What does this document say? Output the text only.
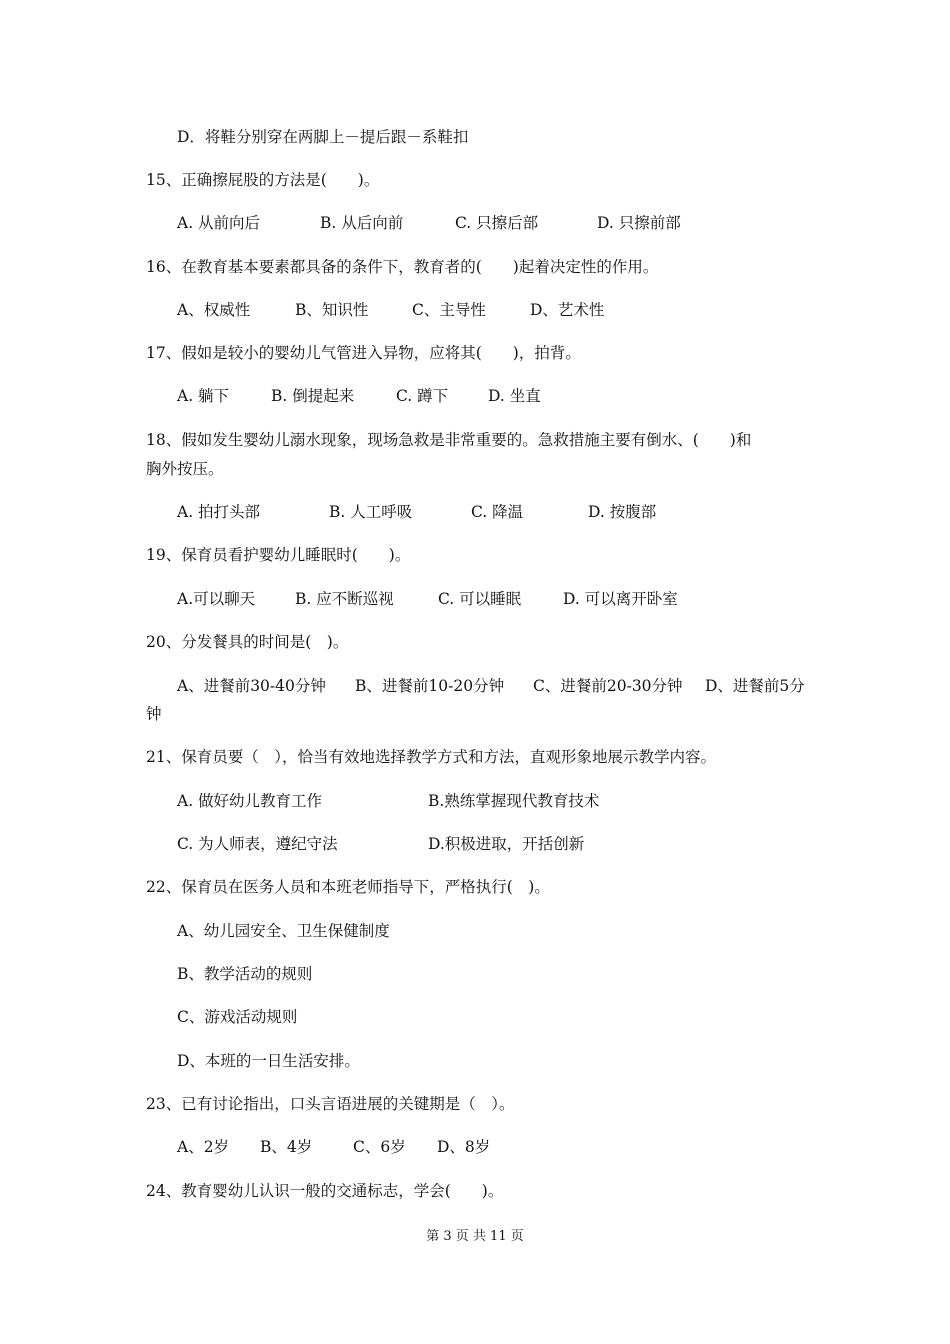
D．将鞋分别穿在两脚上－提后跟－系鞋扣
15、正确擦屁股的方法是(　　)。
A. 从前向后	B. 从后向前	C. 只擦后部	D. 只擦前部
16、在教育基本要素都具备的条件下，教育者的(　　)起着决定性的作用。
A、权威性	B、知识性	C、主导性	D、艺术性
17、假如是较小的婴幼儿气管进入异物，应将其(　　)，拍背。
A. 躺下	B. 倒提起来	C. 蹲下	D. 坐直
18、假如发生婴幼儿溺水现象，现场急救是非常重要的。急救措施主要有倒水、(　　)和
胸外按压。
A. 拍打头部	B. 人工呼吸	C. 降温	D. 按腹部
19、保育员看护婴幼儿睡眠时(　　)。
A.可以聊天	B. 应不断巡视	C. 可以睡眠	D. 可以离开卧室
20、分发餐具的时间是(　)。
A、进餐前30-40分钟 B、进餐前10-20分钟 C、进餐前20-30分钟 D、进餐前5分
钟
21、保育员要（　），恰当有效地选择教学方式和方法，直观形象地展示教学内容。
A. 做好幼儿教育工作	B.熟练掌握现代教育技术
C. 为人师表，遵纪守法	D.积极进取，开括创新
22、保育员在医务人员和本班老师指导下，严格执行(　)。
A、幼儿园安全、卫生保健制度
B、教学活动的规则
C、游戏活动规则
D、本班的一日生活安排。
23、已有讨论指出，口头言语进展的关键期是（　）。
A、2岁 B、4岁	C、6岁 D、8岁
24、教育婴幼儿认识一般的交通标志，学会(　　)。
第 3 页 共 11 页
